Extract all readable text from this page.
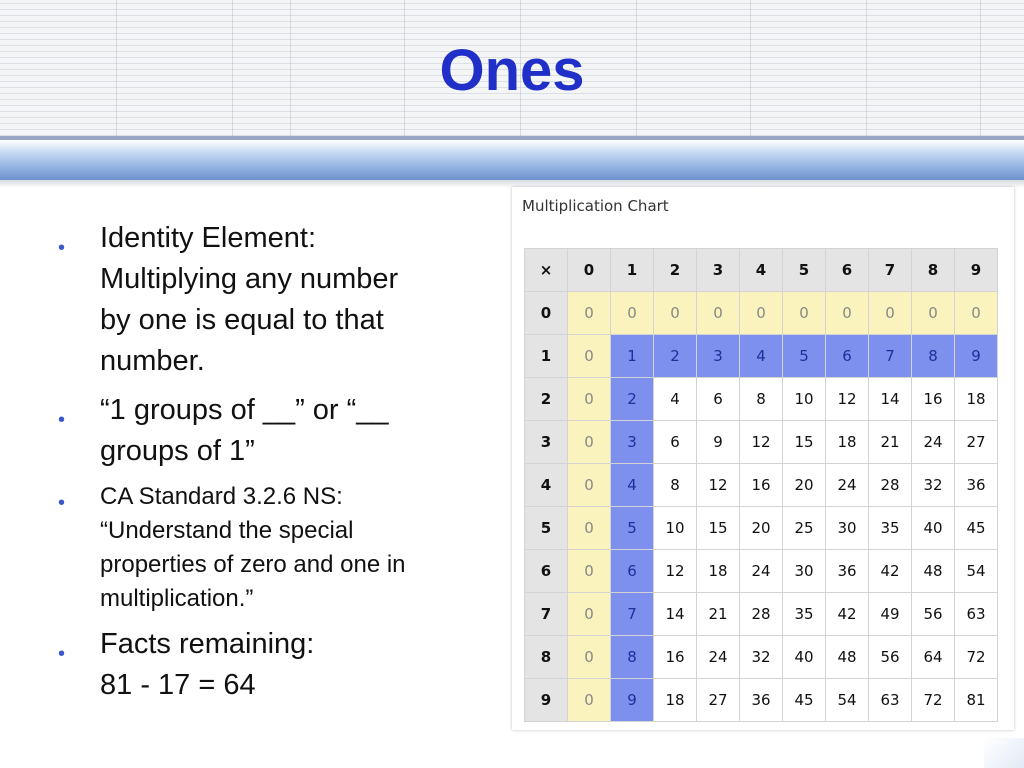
Ones
• Identity Element:
Multiplying any number
by one is equal to that
number.
• “1 groups of __” or “__
groups of 1”
• CA Standard 3.2.6 NS:
“Understand the special
properties of zero and one in
multiplication.”
• Facts remaining:
81 - 17 = 64
Multiplication Chart
×	0	1	2	3	4	5	6	7	8	9
0	0	0	0	0	0	0	0	0	0	0
1	0	1	2	3	4	5	6	7	8	9
2	0	2	4	6	8	10	12	14	16	18
3	0	3	6	9	12	15	18	21	24	27
4	0	4	8	12	16	20	24	28	32	36
5	0	5	10	15	20	25	30	35	40	45
6	0	6	12	18	24	30	36	42	48	54
7	0	7	14	21	28	35	42	49	56	63
8	0	8	16	24	32	40	48	56	64	72
9	0	9	18	27	36	45	54	63	72	81
